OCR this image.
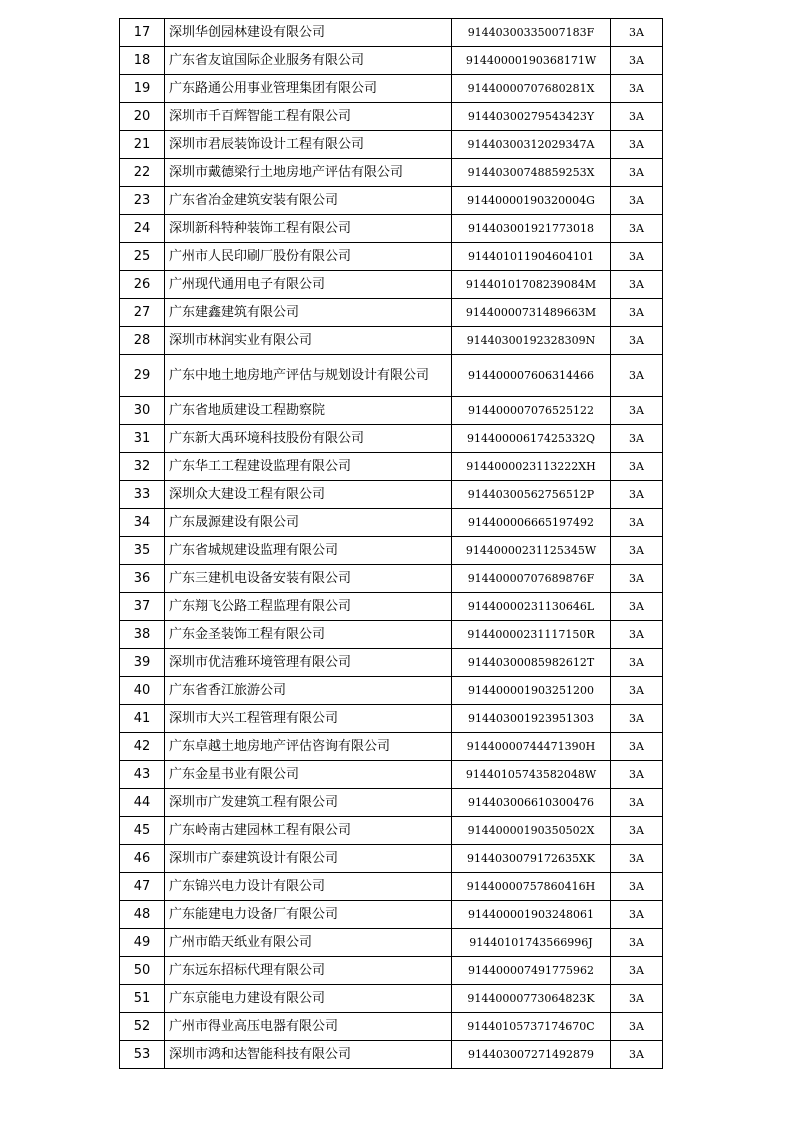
17	深圳华创园林建设有限公司	91440300335007183F	3A
18	广东省友谊国际企业服务有限公司	91440000190368171W	3A
19	广东路通公用事业管理集团有限公司	91440000707680281X	3A
20	深圳市千百辉智能工程有限公司	91440300279543423Y	3A
21	深圳市君辰装饰设计工程有限公司	91440300312029347A	3A
22	深圳市戴德梁行土地房地产评估有限公司	91440300748859253X	3A
23	广东省冶金建筑安装有限公司	91440000190320004G	3A
24	深圳新科特种装饰工程有限公司	914403001921773018	3A
25	广州市人民印刷厂股份有限公司	914401011904604101	3A
26	广州现代通用电子有限公司	91440101708239084M	3A
27	广东建鑫建筑有限公司	91440000731489663M	3A
28	深圳市林润实业有限公司	91440300192328309N	3A
29	广东中地土地房地产评估与规划设计有限公司	914400007606314466	3A
30	广东省地质建设工程勘察院	914400007076525122	3A
31	广东新大禹环境科技股份有限公司	91440000617425332Q	3A
32	广东华工工程建设监理有限公司	9144000023113222XH	3A
33	深圳众大建设工程有限公司	91440300562756512P	3A
34	广东晟源建设有限公司	914400006665197492	3A
35	广东省城规建设监理有限公司	91440000231125345W	3A
36	广东三建机电设备安装有限公司	91440000707689876F	3A
37	广东翔飞公路工程监理有限公司	91440000231130646L	3A
38	广东金圣装饰工程有限公司	91440000231117150R	3A
39	深圳市优洁雅环境管理有限公司	91440300085982612T	3A
40	广东省香江旅游公司	914400001903251200	3A
41	深圳市大兴工程管理有限公司	914403001923951303	3A
42	广东卓越土地房地产评估咨询有限公司	91440000744471390H	3A
43	广东金星书业有限公司	91440105743582048W	3A
44	深圳市广发建筑工程有限公司	914403006610300476	3A
45	广东岭南古建园林工程有限公司	91440000190350502X	3A
46	深圳市广泰建筑设计有限公司	9144030079172635XK	3A
47	广东锦兴电力设计有限公司	91440000757860416H	3A
48	广东能建电力设备厂有限公司	914400001903248061	3A
49	广州市皓天纸业有限公司	91440101743566996J	3A
50	广东远东招标代理有限公司	914400007491775962	3A
51	广东京能电力建设有限公司	91440000773064823K	3A
52	广州市得业高压电器有限公司	91440105737174670C	3A
53	深圳市鸿和达智能科技有限公司	914403007271492879	3A
